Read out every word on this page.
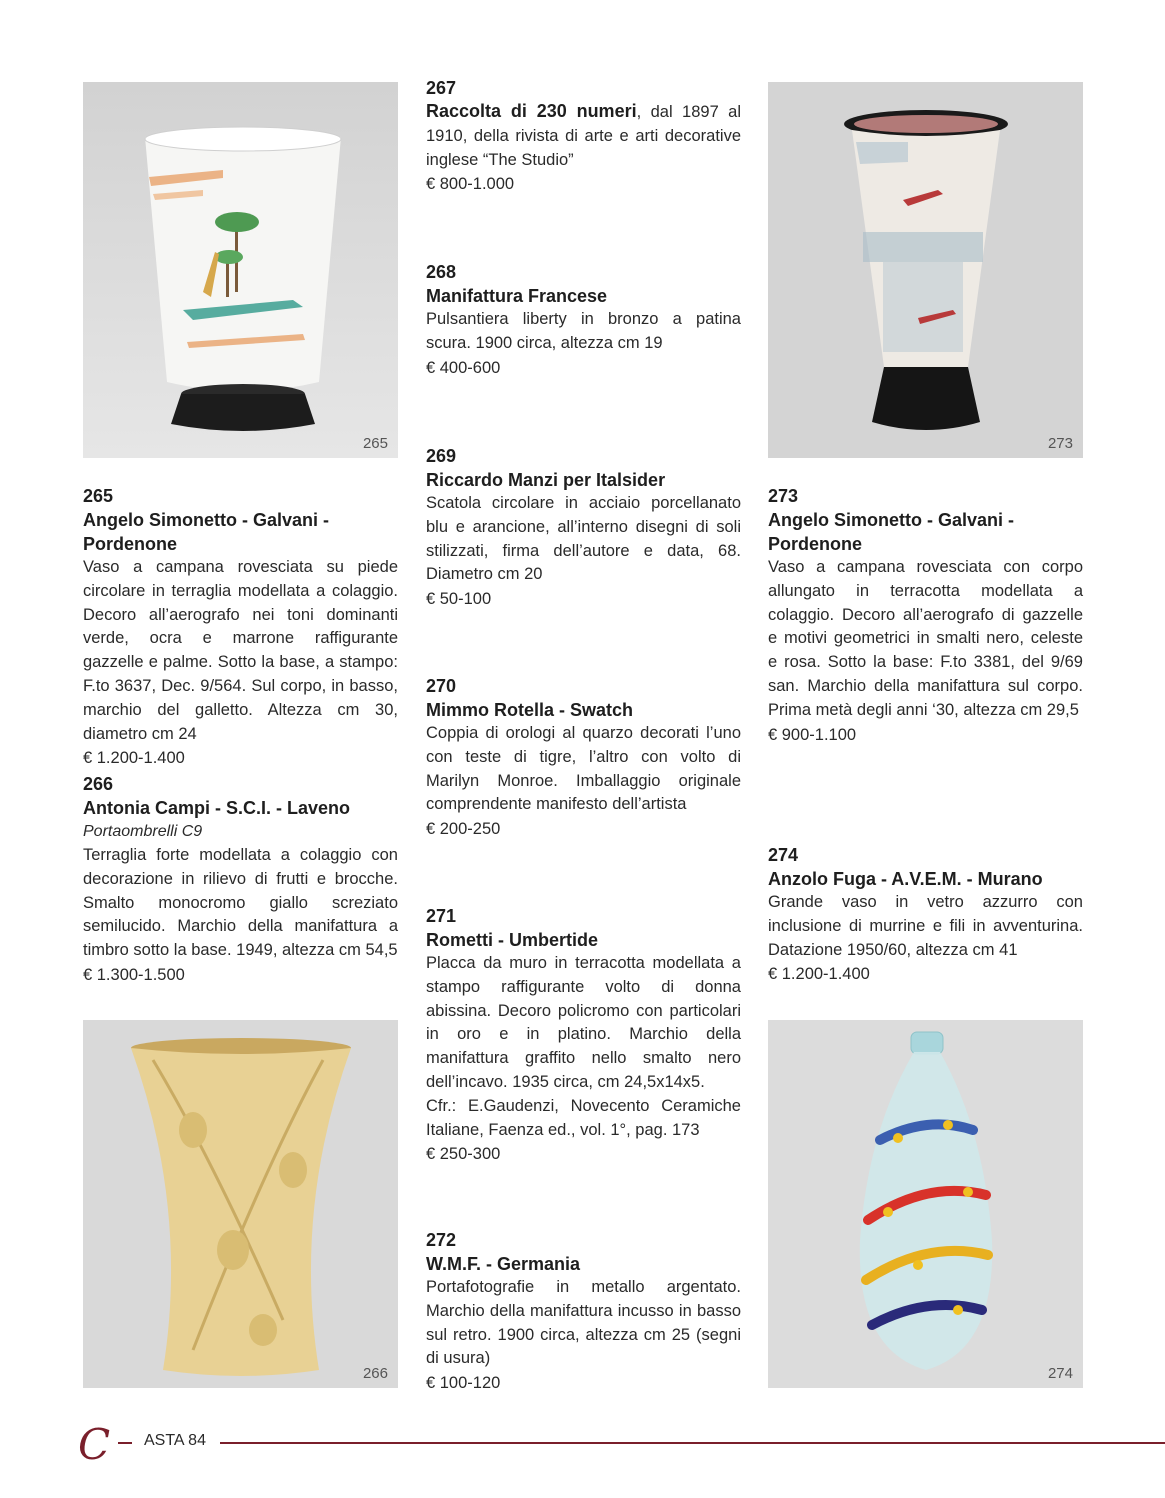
265	273
266	274
265
Angelo Simonetto - Galvani - Pordenone
Vaso a campana rovesciata su piede circolare in terraglia modellata a colaggio. Decoro all’aerografo nei toni dominanti verde, ocra e marrone raffigurante gazzelle e palme. Sotto la base, a stampo: F.to 3637, Dec. 9/564. Sul corpo, in basso, marchio del galletto. Altezza cm 30, diametro cm 24
€ 1.200-1.400
266
Antonia Campi - S.C.I. - Laveno
Portaombrelli C9
Terraglia forte modellata a colaggio con decorazione in rilievo di frutti e brocche. Smalto monocromo giallo screziato semilucido. Marchio della manifattura a timbro sotto la base. 1949, altezza cm 54,5
€ 1.300-1.500
267
Raccolta di 230 numeri, dal 1897 al 1910, della rivista di arte e arti decorative inglese “The Studio”
€ 800-1.000
268
Manifattura Francese
Pulsantiera liberty in bronzo a patina scura. 1900 circa, altezza cm 19
€ 400-600
269
Riccardo Manzi per Italsider
Scatola circolare in acciaio porcellanato blu e arancione, all’interno disegni di soli stilizzati, firma dell’autore e data, 68. Diametro cm 20
€ 50-100
270
Mimmo Rotella - Swatch
Coppia di orologi al quarzo decorati l’uno con teste di tigre, l’altro con volto di Marilyn Monroe. Imballaggio originale comprendente manifesto dell’artista
€ 200-250
271
Rometti - Umbertide
Placca da muro in terracotta modellata a stampo raffigurante volto di donna abissina. Decoro policromo con particolari in oro e in platino. Marchio della manifattura graffito nello smalto nero dell’incavo. 1935 circa, cm 24,5x14x5.
Cfr.: E.Gaudenzi, Novecento Ceramiche Italiane, Faenza ed., vol. 1°, pag. 173
€ 250-300
272
W.M.F. - Germania
Portafotografie in metallo argentato. Marchio della manifattura incusso in basso sul retro. 1900 circa, altezza cm 25 (segni di usura)
€ 100-120
273
Angelo Simonetto - Galvani - Pordenone
Vaso a campana rovesciata con corpo allungato in terracotta modellata a colaggio. Decoro all’aerografo di gazzelle e motivi geometrici in smalti nero, celeste e rosa. Sotto la base: F.to 3381, del 9/69 san. Marchio della manifattura sul corpo. Prima metà degli anni ‘30, altezza cm 29,5
€ 900-1.100
274
Anzolo Fuga - A.V.E.M. - Murano
Grande vaso in vetro azzurro con inclusione di murrine e fili in avventurina. Datazione 1950/60, altezza cm 41
€ 1.200-1.400
C ASTA 84
